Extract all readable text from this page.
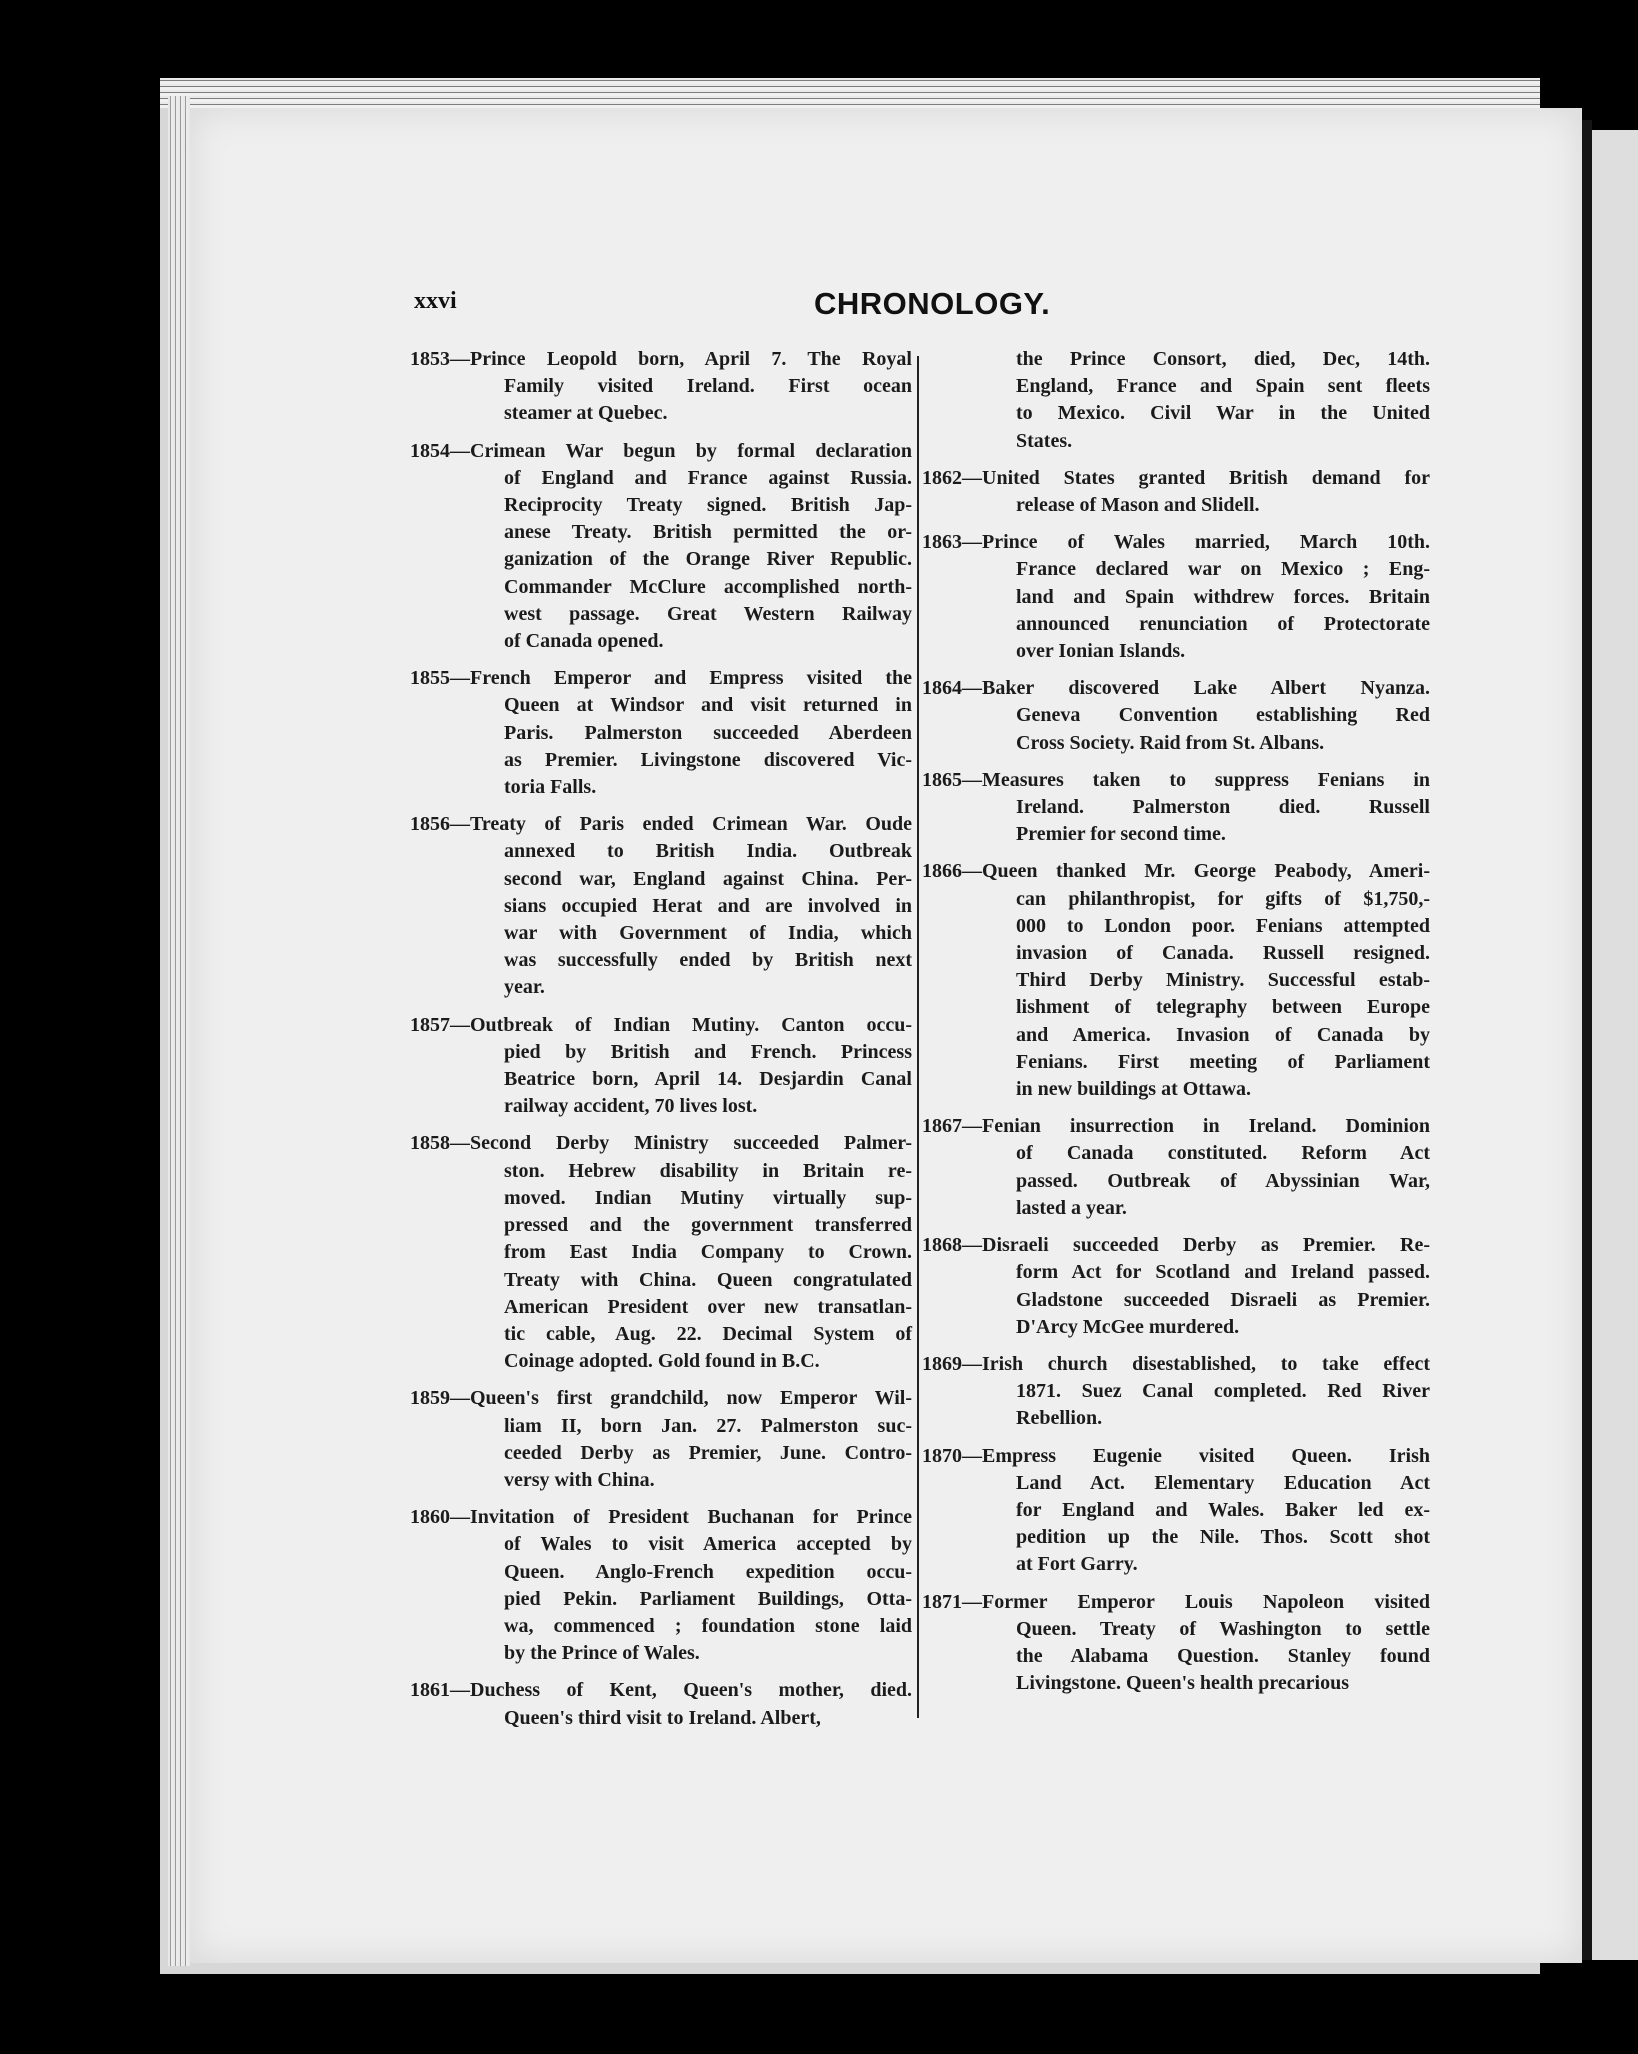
xxvi	CHRONOLOGY.
1853—Prince Leopold born, April 7. The Royal
Family visited Ireland. First ocean
steamer at Quebec.
1854—Crimean War begun by formal declaration
of England and France against Russia.
Reciprocity Treaty signed. British Jap-
anese Treaty. British permitted the or-
ganization of the Orange River Republic.
Commander McClure accomplished north-
west passage. Great Western Railway
of Canada opened.
1855—French Emperor and Empress visited the
Queen at Windsor and visit returned in
Paris. Palmerston succeeded Aberdeen
as Premier. Livingstone discovered Vic-
toria Falls.
1856—Treaty of Paris ended Crimean War. Oude
annexed to British India. Outbreak
second war, England against China. Per-
sians occupied Herat and are involved in
war with Government of India, which
was successfully ended by British next
year.
1857—Outbreak of Indian Mutiny. Canton occu-
pied by British and French. Princess
Beatrice born, April 14. Desjardin Canal
railway accident, 70 lives lost.
1858—Second Derby Ministry succeeded Palmer-
ston. Hebrew disability in Britain re-
moved. Indian Mutiny virtually sup-
pressed and the government transferred
from East India Company to Crown.
Treaty with China. Queen congratulated
American President over new transatlan-
tic cable, Aug. 22. Decimal System of
Coinage adopted. Gold found in B.C.
1859—Queen's first grandchild, now Emperor Wil-
liam II, born Jan. 27. Palmerston suc-
ceeded Derby as Premier, June. Contro-
versy with China.
1860—Invitation of President Buchanan for Prince
of Wales to visit America accepted by
Queen. Anglo-French expedition occu-
pied Pekin. Parliament Buildings, Otta-
wa, commenced ; foundation stone laid
by the Prince of Wales.
1861—Duchess of Kent, Queen's mother, died.
Queen's third visit to Ireland. Albert,
the Prince Consort, died, Dec, 14th.
England, France and Spain sent fleets
to Mexico. Civil War in the United
States.
1862—United States granted British demand for
release of Mason and Slidell.
1863—Prince of Wales married, March 10th.
France declared war on Mexico ; Eng-
land and Spain withdrew forces. Britain
announced renunciation of Protectorate
over Ionian Islands.
1864—Baker discovered Lake Albert Nyanza.
Geneva Convention establishing Red
Cross Society. Raid from St. Albans.
1865—Measures taken to suppress Fenians in
Ireland. Palmerston died. Russell
Premier for second time.
1866—Queen thanked Mr. George Peabody, Ameri-
can philanthropist, for gifts of $1,750,-
000 to London poor. Fenians attempted
invasion of Canada. Russell resigned.
Third Derby Ministry. Successful estab-
lishment of telegraphy between Europe
and America. Invasion of Canada by
Fenians. First meeting of Parliament
in new buildings at Ottawa.
1867—Fenian insurrection in Ireland. Dominion
of Canada constituted. Reform Act
passed. Outbreak of Abyssinian War,
lasted a year.
1868—Disraeli succeeded Derby as Premier. Re-
form Act for Scotland and Ireland passed.
Gladstone succeeded Disraeli as Premier.
D'Arcy McGee murdered.
1869—Irish church disestablished, to take effect
1871. Suez Canal completed. Red River
Rebellion.
1870—Empress Eugenie visited Queen. Irish
Land Act. Elementary Education Act
for England and Wales. Baker led ex-
pedition up the Nile. Thos. Scott shot
at Fort Garry.
1871—Former Emperor Louis Napoleon visited
Queen. Treaty of Washington to settle
the Alabama Question. Stanley found
Livingstone. Queen's health precarious
